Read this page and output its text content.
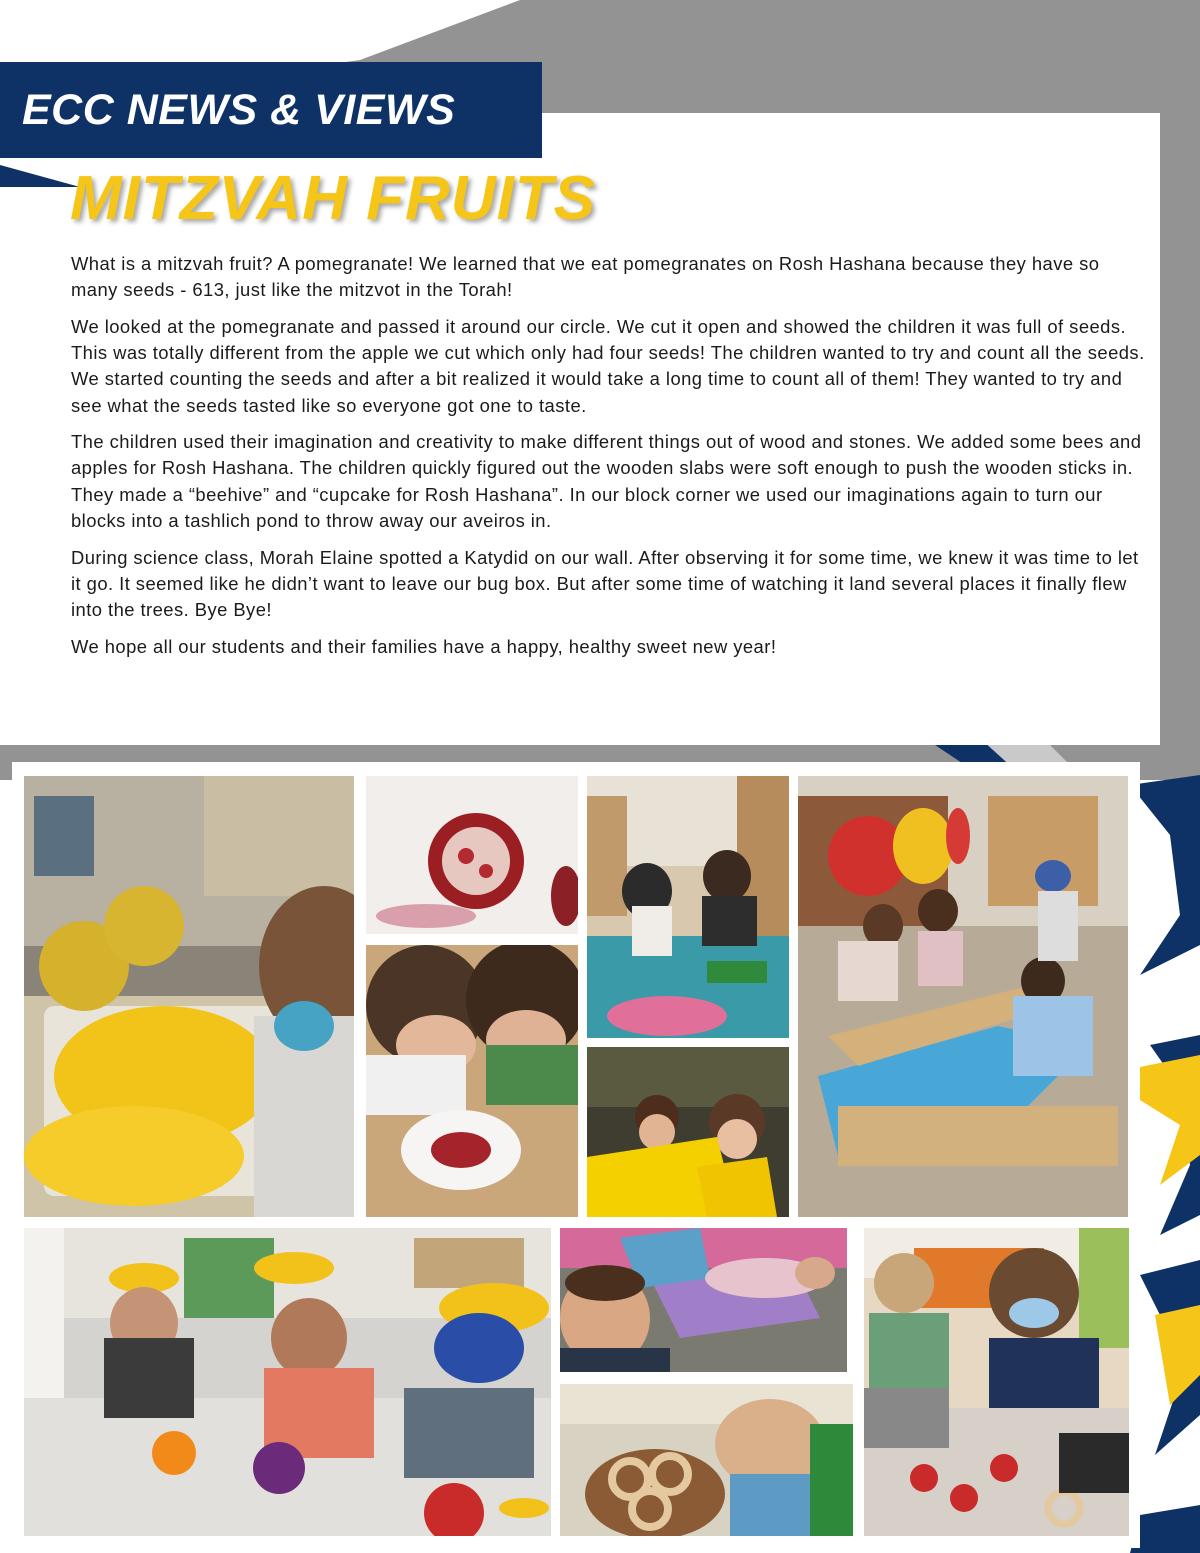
ECC NEWS & VIEWS
MITZVAH FRUITS

What is a mitzvah fruit? A pomegranate! We learned that we eat pomegranates on Rosh Hashana because they have so many seeds - 613, just like the mitzvot in the Torah!

We looked at the pomegranate and passed it around our circle. We cut it open and showed the children it was full of seeds. This was totally different from the apple we cut which only had four seeds! The children wanted to try and count all the seeds. We started counting the seeds and after a bit realized it would take a long time to count all of them! They wanted to try and see what the seeds tasted like so everyone got one to taste.

The children used their imagination and creativity to make different things out of wood and stones. We added some bees and apples for Rosh Hashana. The children quickly figured out the wooden slabs were soft enough to push the wooden sticks in. They made a “beehive” and “cupcake for Rosh Hashana”. In our block corner we used our imaginations again to turn our blocks into a tashlich pond to throw away our aveiros in.

During science class, Morah Elaine spotted a Katydid on our wall. After observing it for some time, we knew it was time to let it go. It seemed like he didn’t want to leave our bug box. But after some time of watching it land several places it finally flew into the trees. Bye Bye!

We hope all our students and their families have a happy, healthy sweet new year!
